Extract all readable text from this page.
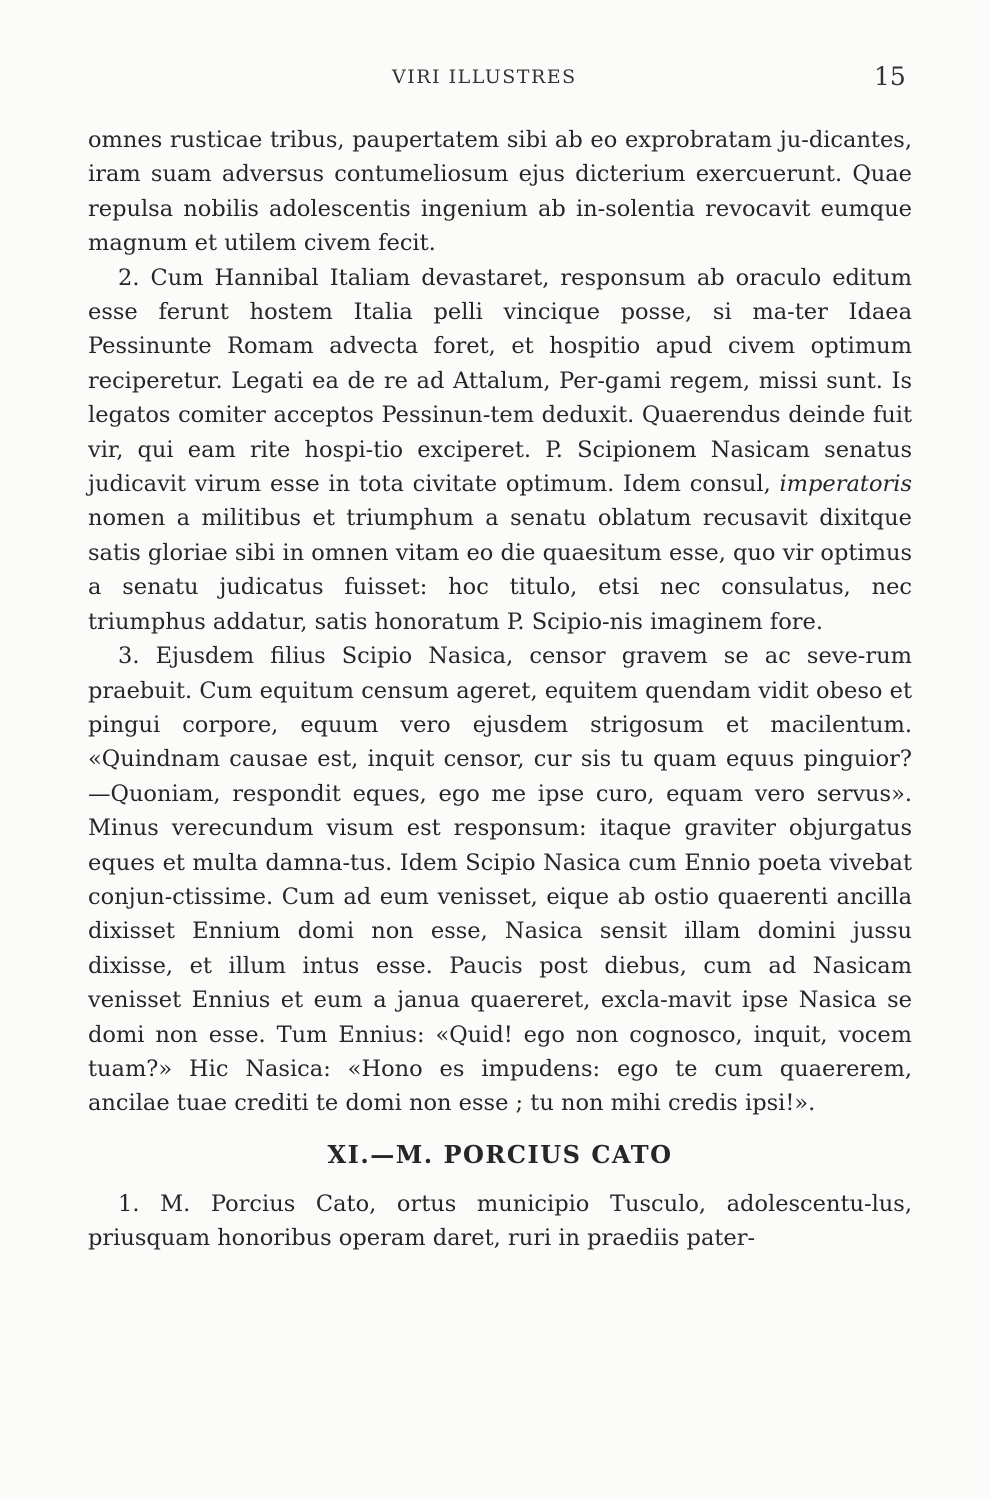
VIRI ILLUSTRES	15

omnes rusticae tribus, paupertatem sibi ab eo exprobratam ju-dicantes, iram suam adversus contumeliosum ejus dicterium exercuerunt. Quae repulsa nobilis adolescentis ingenium ab in-solentia revocavit eumque magnum et utilem civem fecit.

2. Cum Hannibal Italiam devastaret, responsum ab oraculo editum esse ferunt hostem Italia pelli vincique posse, si ma-ter Idaea Pessinunte Romam advecta foret, et hospitio apud civem optimum reciperetur. Legati ea de re ad Attalum, Per-gami regem, missi sunt. Is legatos comiter acceptos Pessinun-tem deduxit. Quaerendus deinde fuit vir, qui eam rite hospi-tio exciperet. P. Scipionem Nasicam senatus judicavit virum esse in tota civitate optimum. Idem consul, imperatoris nomen a militibus et triumphum a senatu oblatum recusavit dixitque satis gloriae sibi in omnen vitam eo die quaesitum esse, quo vir optimus a senatu judicatus fuisset: hoc titulo, etsi nec consulatus, nec triumphus addatur, satis honoratum P. Scipio-nis imaginem fore.

3. Ejusdem filius Scipio Nasica, censor gravem se ac seve-rum praebuit. Cum equitum censum ageret, equitem quendam vidit obeso et pingui corpore, equum vero ejusdem strigosum et macilentum. «Quindnam causae est, inquit censor, cur sis tu quam equus pinguior?—Quoniam, respondit eques, ego me ipse curo, equam vero servus». Minus verecundum visum est responsum: itaque graviter objurgatus eques et multa damna-tus. Idem Scipio Nasica cum Ennio poeta vivebat conjun-ctissime. Cum ad eum venisset, eique ab ostio quaerenti ancilla dixisset Ennium domi non esse, Nasica sensit illam domini jussu dixisse, et illum intus esse. Paucis post diebus, cum ad Nasicam venisset Ennius et eum a janua quaereret, excla-mavit ipse Nasica se domi non esse. Tum Ennius: «Quid! ego non cognosco, inquit, vocem tuam?» Hic Nasica: «Hono es impudens: ego te cum quaererem, ancilae tuae crediti te domi non esse ; tu non mihi credis ipsi!».

XI.—M. PORCIUS CATO

1. M. Porcius Cato, ortus municipio Tusculo, adolescentu-lus, priusquam honoribus operam daret, ruri in praediis pater-
